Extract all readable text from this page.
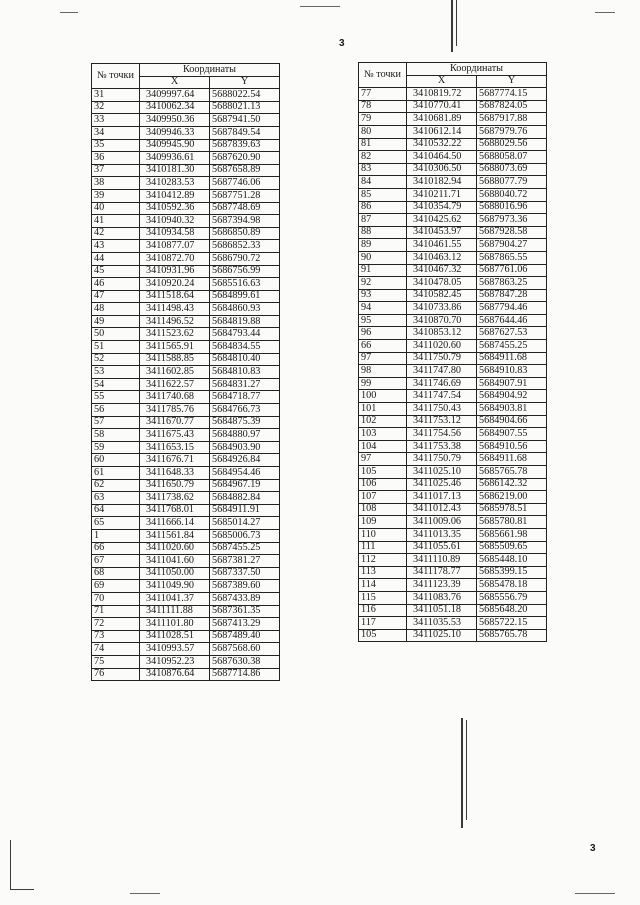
3
№ точки	Координаты	
	X	Y
31	3409997.64	5688022.54
32	3410062.34	5688021.13
33	3409950.36	5687941.50
34	3409946.33	5687849.54
35	3409945.90	5687839.63
36	3409936.61	5687620.90
37	3410181.30	5687658.89
38	3410283.53	5687746.06
39	3410412.89	5687751.28
40	3410592.36	5687748.69
41	3410940.32	5687394.98
42	3410934.58	5686850.89
43	3410877.07	5686852.33
44	3410872.70	5686790.72
45	3410931.96	5686756.99
46	3410920.24	5685516.63
47	3411518.64	5684899.61
48	3411498.43	5684860.93
49	3411496.52	5684819.88
50	3411523.62	5684793.44
51	3411565.91	5684834.55
52	3411588.85	5684810.40
53	3411602.85	5684810.83
54	3411622.57	5684831.27
55	3411740.68	5684718.77
56	3411785.76	5684766.73
57	3411670.77	5684875.39
58	3411675.43	5684880.97
59	3411653.15	5684903.90
60	3411676.71	5684926.84
61	3411648.33	5684954.46
62	3411650.79	5684967.19
63	3411738.62	5684882.84
64	3411768.01	5684911.91
65	3411666.14	5685014.27
1	3411561.84	5685006.73
66	3411020.60	5687455.25
67	3411041.60	5687381.27
68	3411050.00	5687337.50
69	3411049.90	5687389.60
70	3411041.37	5687433.89
71	3411111.88	5687361.35
72	3411101.80	5687413.29
73	3411028.51	5687489.40
74	3410993.57	5687568.60
75	3410952.23	5687630.38
76	3410876.64	5687714.86
№ точки	Координаты	
	X	Y
77	3410819.72	5687774.15
78	3410770.41	5687824.05
79	3410681.89	5687917.88
80	3410612.14	5687979.76
81	3410532.22	5688029.56
82	3410464.50	5688058.07
83	3410306.50	5688073.69
84	3410182.94	5688077.79
85	3410211.71	5688040.72
86	3410354.79	5688016.96
87	3410425.62	5687973.36
88	3410453.97	5687928.58
89	3410461.55	5687904.27
90	3410463.12	5687865.55
91	3410467.32	5687761.06
92	3410478.05	5687863.25
93	3410582.45	5687847.28
94	3410733.86	5687794.46
95	3410870.70	5687644.46
96	3410853.12	5687627.53
66	3411020.60	5687455.25
97	3411750.79	5684911.68
98	3411747.80	5684910.83
99	3411746.69	5684907.91
100	3411747.54	5684904.92
101	3411750.43	5684903.81
102	3411753.12	5684904.66
103	3411754.56	5684907.55
104	3411753.38	5684910.56
97	3411750.79	5684911.68
105	3411025.10	5685765.78
106	3411025.46	5686142.32
107	3411017.13	5686219.00
108	3411012.43	5685978.51
109	3411009.06	5685780.81
110	3411013.35	5685661.98
111	3411055.61	5685509.65
112	3411110.89	5685448.10
113	3411178.77	5685399.15
114	3411123.39	5685478.18
115	3411083.76	5685556.79
116	3411051.18	5685648.20
117	3411035.53	5685722.15
105	3411025.10	5685765.78
3
